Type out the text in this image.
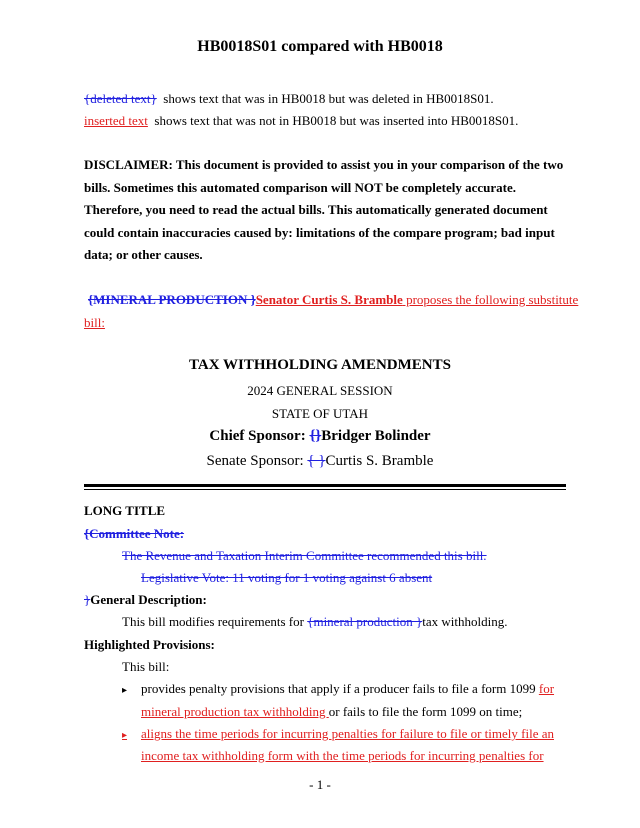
HB0018S01 compared with HB0018
{deleted text} shows text that was in HB0018 but was deleted in HB0018S01.
inserted text shows text that was not in HB0018 but was inserted into HB0018S01.
DISCLAIMER: This document is provided to assist you in your comparison of the two
bills. Sometimes this automated comparison will NOT be completely accurate.
Therefore, you need to read the actual bills. This automatically generated document
could contain inaccuracies caused by: limitations of the compare program; bad input
data; or other causes.
{MINERAL PRODUCTION }Senator Curtis S. Bramble proposes the following substitute
bill:
TAX WITHHOLDING AMENDMENTS
2024 GENERAL SESSION
STATE OF UTAH
Chief Sponsor: {}Bridger Bolinder
Senate Sponsor: { }Curtis S. Bramble
LONG TITLE
{Committee Note:
The Revenue and Taxation Interim Committee recommended this bill.
Legislative Vote: 11 voting for 1 voting against 6 absent
}General Description:
This bill modifies requirements for {mineral production }tax withholding.
Highlighted Provisions:
This bill:
▸ provides penalty provisions that apply if a producer fails to file a form 1099 for
mineral production tax withholding or fails to file the form 1099 on time;
▸ aligns the time periods for incurring penalties for failure to file or timely file an
income tax withholding form with the time periods for incurring penalties for
- 1 -
